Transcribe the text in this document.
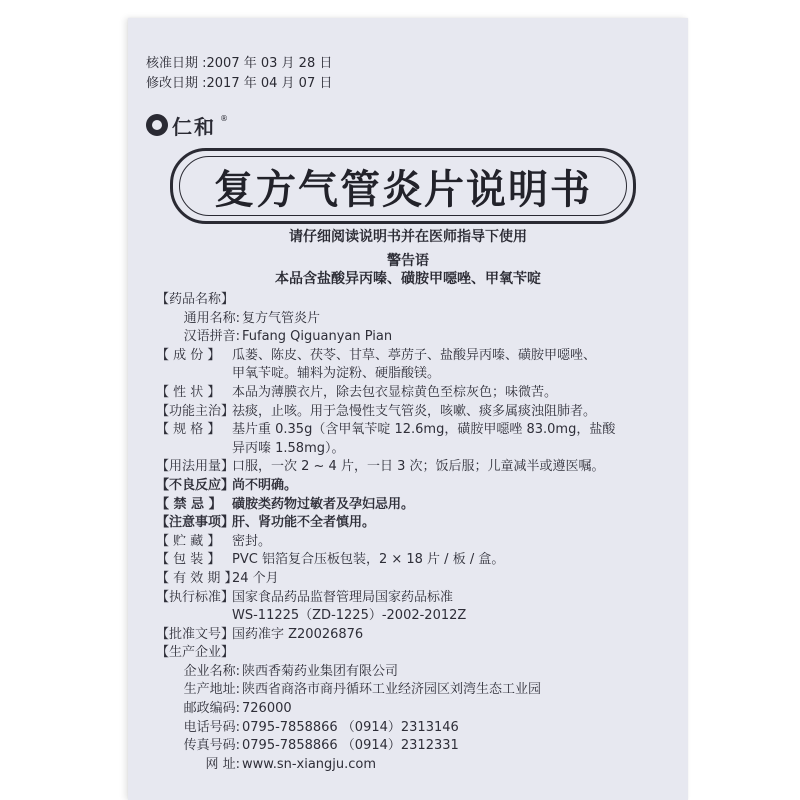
核准日期 :2007 年 03 月 28 日
修改日期 :2017 年 04 月 07 日
仁和 ®
复方气管炎片说明书
请仔细阅读说明书并在医师指导下使用
警告语
本品含盐酸异丙嗪、磺胺甲噁唑、甲氧苄啶
【药品名称】
通用名称: 复方气管炎片
汉语拼音: Fufang Qiguanyan Pian
【 成 份 】 瓜蒌、陈皮、茯苓、甘草、葶苈子、盐酸异丙嗪、磺胺甲噁唑、
甲氧苄啶。辅料为淀粉、硬脂酸镁。
【 性 状 】 本品为薄膜衣片，除去包衣显棕黄色至棕灰色；味微苦。
【功能主治】
祛痰，止咳。用于急慢性支气管炎，咳嗽、痰多属痰浊阻肺者。
【 规 格 】 基片重 0.35g（含甲氧苄啶 12.6mg，磺胺甲噁唑 83.0mg，盐酸
异丙嗪 1.58mg）。
【用法用量】
口服，一次 2 ~ 4 片，一日 3 次；饭后服；儿童减半或遵医嘱。
【不良反应】
尚不明确。
【 禁 忌 】 磺胺类药物过敏者及孕妇忌用。
【注意事项】
肝、肾功能不全者慎用。
【 贮 藏 】 密封。
【 包 装 】 PVC 铝箔复合压板包装，2 × 18 片 / 板 / 盒。
【 有 效 期 】
24 个月
【执行标准】
国家食品药品监督管理局国家药品标准
WS-11225（ZD-1225）-2002-2012Z
【批准文号】
国药准字 Z20026876
【生产企业】
企业名称: 陕西香菊药业集团有限公司
生产地址: 陕西省商洛市商丹循环工业经济园区刘湾生态工业园
邮政编码: 726000
电话号码: 0795-7858866 （0914）2313146
传真号码: 0795-7858866 （0914）2312331
网 址: www.sn-xiangju.com
